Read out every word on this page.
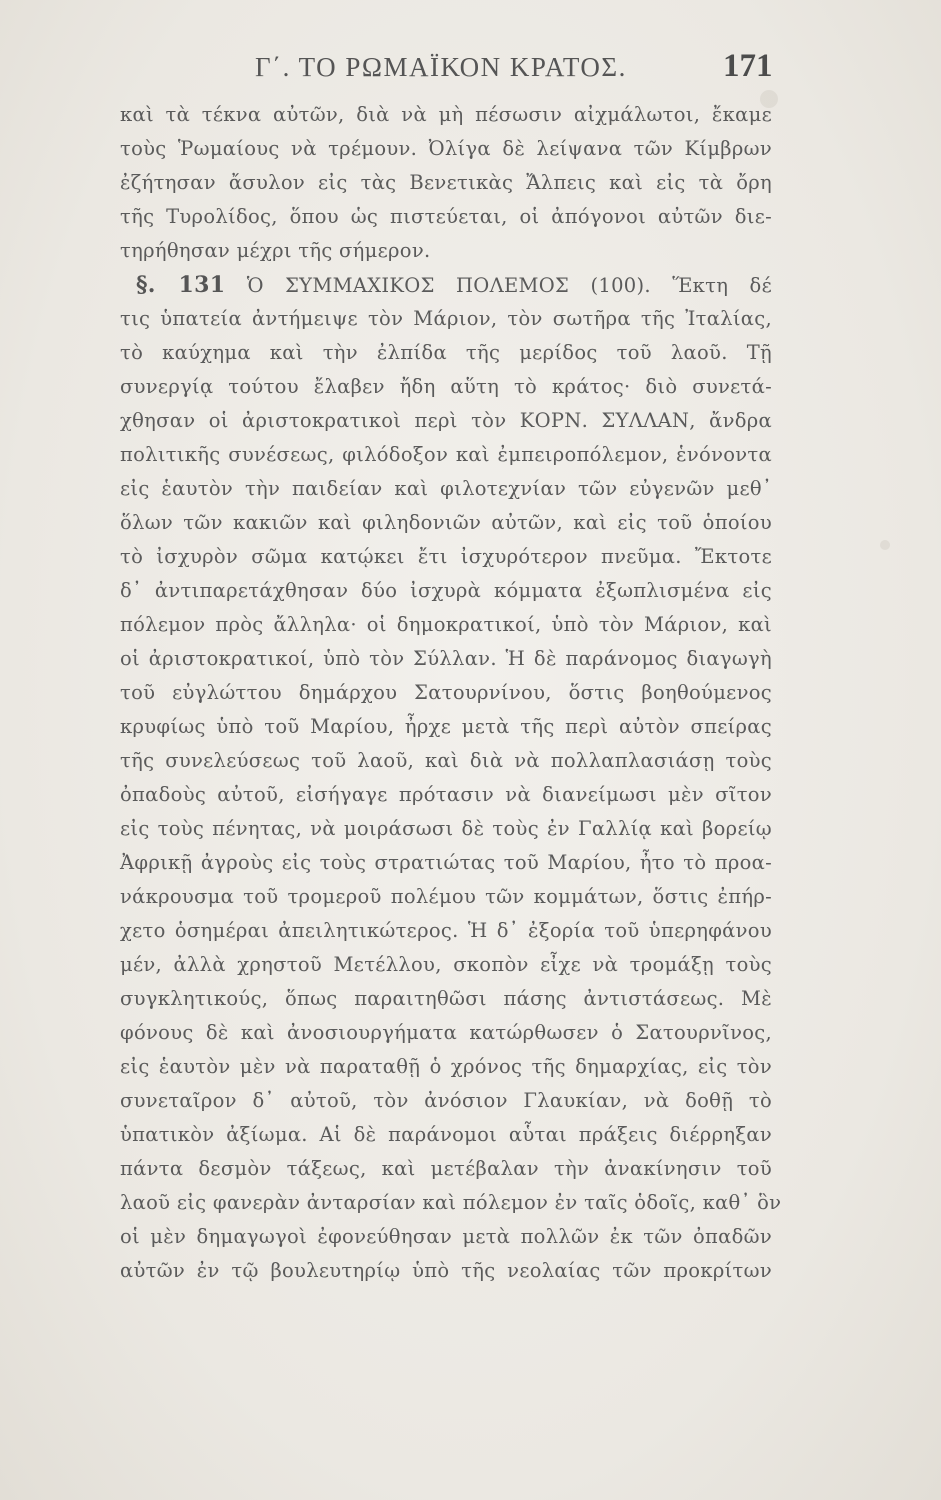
Γ΄. ΤΟ ΡΩΜΑΪΚΟΝ ΚΡΑΤΟΣ.	171
καὶ τὰ τέκνα αὐτῶν, διὰ νὰ μὴ πέσωσιν αἰχμάλωτοι, ἔκαμε
τοὺς Ῥωμαίους νὰ τρέμουν. Ὀλίγα δὲ λείψανα τῶν Κίμβρων
ἐζήτησαν ἄσυλον εἰς τὰς Βενετικὰς Ἄλπεις καὶ εἰς τὰ ὄρη
τῆς Τυρολίδος, ὅπου ὡς πιστεύεται, οἱ ἀπόγονοι αὐτῶν διε-
τηρήθησαν μέχρι τῆς σήμερον.
§. 131 Ὁ ΣΥΜΜΑΧΙΚΟΣ ΠΟΛΕΜΟΣ (100). Ἕκτη δέ
τις ὑπατεία ἀντήμειψε τὸν Μάριον, τὸν σωτῆρα τῆς Ἰταλίας,
τὸ καύχημα καὶ τὴν ἐλπίδα τῆς μερίδος τοῦ λαοῦ. Τῇ
συνεργίᾳ τούτου ἔλαβεν ἤδη αὕτη τὸ κράτος· διὸ συνετά-
χθησαν οἱ ἀριστοκρατικοὶ περὶ τὸν ΚΟΡΝ. ΣΥΛΛΑΝ, ἄνδρα
πολιτικῆς συνέσεως, φιλόδοξον καὶ ἐμπειροπόλεμον, ἑνόνοντα
εἰς ἑαυτὸν τὴν παιδείαν καὶ φιλοτεχνίαν τῶν εὐγενῶν μεθ᾽
ὅλων τῶν κακιῶν καὶ φιληδονιῶν αὐτῶν, καὶ εἰς τοῦ ὁποίου
τὸ ἰσχυρὸν σῶμα κατῴκει ἔτι ἰσχυρότερον πνεῦμα. Ἔκτοτε
δ᾽ ἀντιπαρετάχθησαν δύο ἰσχυρὰ κόμματα ἐξωπλισμένα εἰς
πόλεμον πρὸς ἄλληλα· οἱ δημοκρατικοί, ὑπὸ τὸν Μάριον, καὶ
οἱ ἀριστοκρατικοί, ὑπὸ τὸν Σύλλαν. Ἡ δὲ παράνομος διαγωγὴ
τοῦ εὐγλώττου δημάρχου Σατουρνίνου, ὅστις βοηθούμενος
κρυφίως ὑπὸ τοῦ Μαρίου, ἦρχε μετὰ τῆς περὶ αὐτὸν σπείρας
τῆς συνελεύσεως τοῦ λαοῦ, καὶ διὰ νὰ πολλαπλασιάσῃ τοὺς
ὀπαδοὺς αὐτοῦ, εἰσήγαγε πρότασιν νὰ διανείμωσι μὲν σῖτον
εἰς τοὺς πένητας, νὰ μοιράσωσι δὲ τοὺς ἐν Γαλλίᾳ καὶ βορείῳ
Ἀφρικῇ ἀγροὺς εἰς τοὺς στρατιώτας τοῦ Μαρίου, ἦτο τὸ προα-
νάκρουσμα τοῦ τρομεροῦ πολέμου τῶν κομμάτων, ὅστις ἐπήρ-
χετο ὁσημέραι ἀπειλητικώτερος. Ἡ δ᾽ ἐξορία τοῦ ὑπερηφάνου
μέν, ἀλλὰ χρηστοῦ Μετέλλου, σκοπὸν εἶχε νὰ τρομάξῃ τοὺς
συγκλητικούς, ὅπως παραιτηθῶσι πάσης ἀντιστάσεως. Μὲ
φόνους δὲ καὶ ἀνοσιουργήματα κατώρθωσεν ὁ Σατουρνῖνος,
εἰς ἑαυτὸν μὲν νὰ παραταθῇ ὁ χρόνος τῆς δημαρχίας, εἰς τὸν
συνεταῖρον δ᾽ αὐτοῦ, τὸν ἀνόσιον Γλαυκίαν, νὰ δοθῇ τὸ
ὑπατικὸν ἀξίωμα. Αἱ δὲ παράνομοι αὗται πράξεις διέρρηξαν
πάντα δεσμὸν τάξεως, καὶ μετέβαλαν τὴν ἀνακίνησιν τοῦ
λαοῦ εἰς φανερὰν ἀνταρσίαν καὶ πόλεμον ἐν ταῖς ὁδοῖς, καθ᾽ ὃν
οἱ μὲν δημαγωγοὶ ἐφονεύθησαν μετὰ πολλῶν ἐκ τῶν ὀπαδῶν
αὐτῶν ἐν τῷ βουλευτηρίῳ ὑπὸ τῆς νεολαίας τῶν προκρίτων
